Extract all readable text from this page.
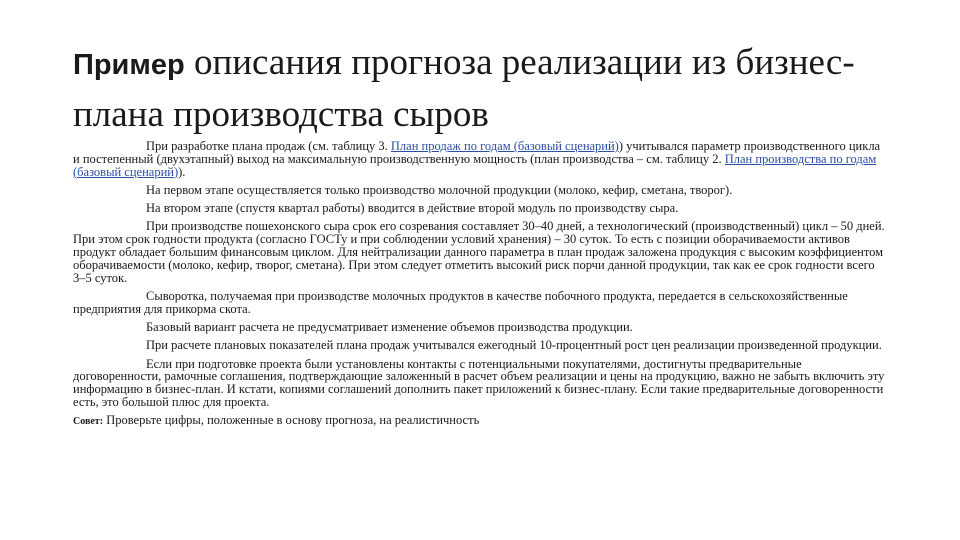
Пример описания прогноза реализации из бизнес-плана производства сыров

При разработке плана продаж (см. таблицу 3. План продаж по годам (базовый сценарий)) учитывался параметр производственного цикла и постепенный (двухэтапный) выход на максимальную производственную мощность (план производства – см. таблицу 2. План производства по годам (базовый сценарий)).

На первом этапе осуществляется только производство молочной продукции (молоко, кефир, сметана, творог).

На втором этапе (спустя квартал работы) вводится в действие второй модуль по производству сыра.

При производстве пошехонского сыра срок его созревания составляет 30–40 дней, а технологический (производственный) цикл – 50 дней. При этом срок годности продукта (согласно ГОСТу и при соблюдении условий хранения) – 30 суток. То есть с позиции оборачиваемости активов продукт обладает большим финансовым циклом. Для нейтрализации данного параметра в план продаж заложена продукция с высоким коэффициентом оборачиваемости (молоко, кефир, творог, сметана). При этом следует отметить высокий риск порчи данной продукции, так как ее срок годности всего 3–5 суток.

Сыворотка, получаемая при производстве молочных продуктов в качестве побочного продукта, передается в сельскохозяйственные предприятия для прикорма скота.

Базовый вариант расчета не предусматривает изменение объемов производства продукции.

При расчете плановых показателей плана продаж учитывался ежегодный 10-процентный рост цен реализации произведенной продукции.

Если при подготовке проекта были установлены контакты с потенциальными покупателями, достигнуты предварительные договоренности, рамочные соглашения, подтверждающие заложенный в расчет объем реализации и цены на продукцию, важно не забыть включить эту информацию в бизнес-план. И кстати, копиями соглашений дополнить пакет приложений к бизнес-плану. Если такие предварительные договоренности есть, это большой плюс для проекта.

Совет: Проверьте цифры, положенные в основу прогноза, на реалистичность
